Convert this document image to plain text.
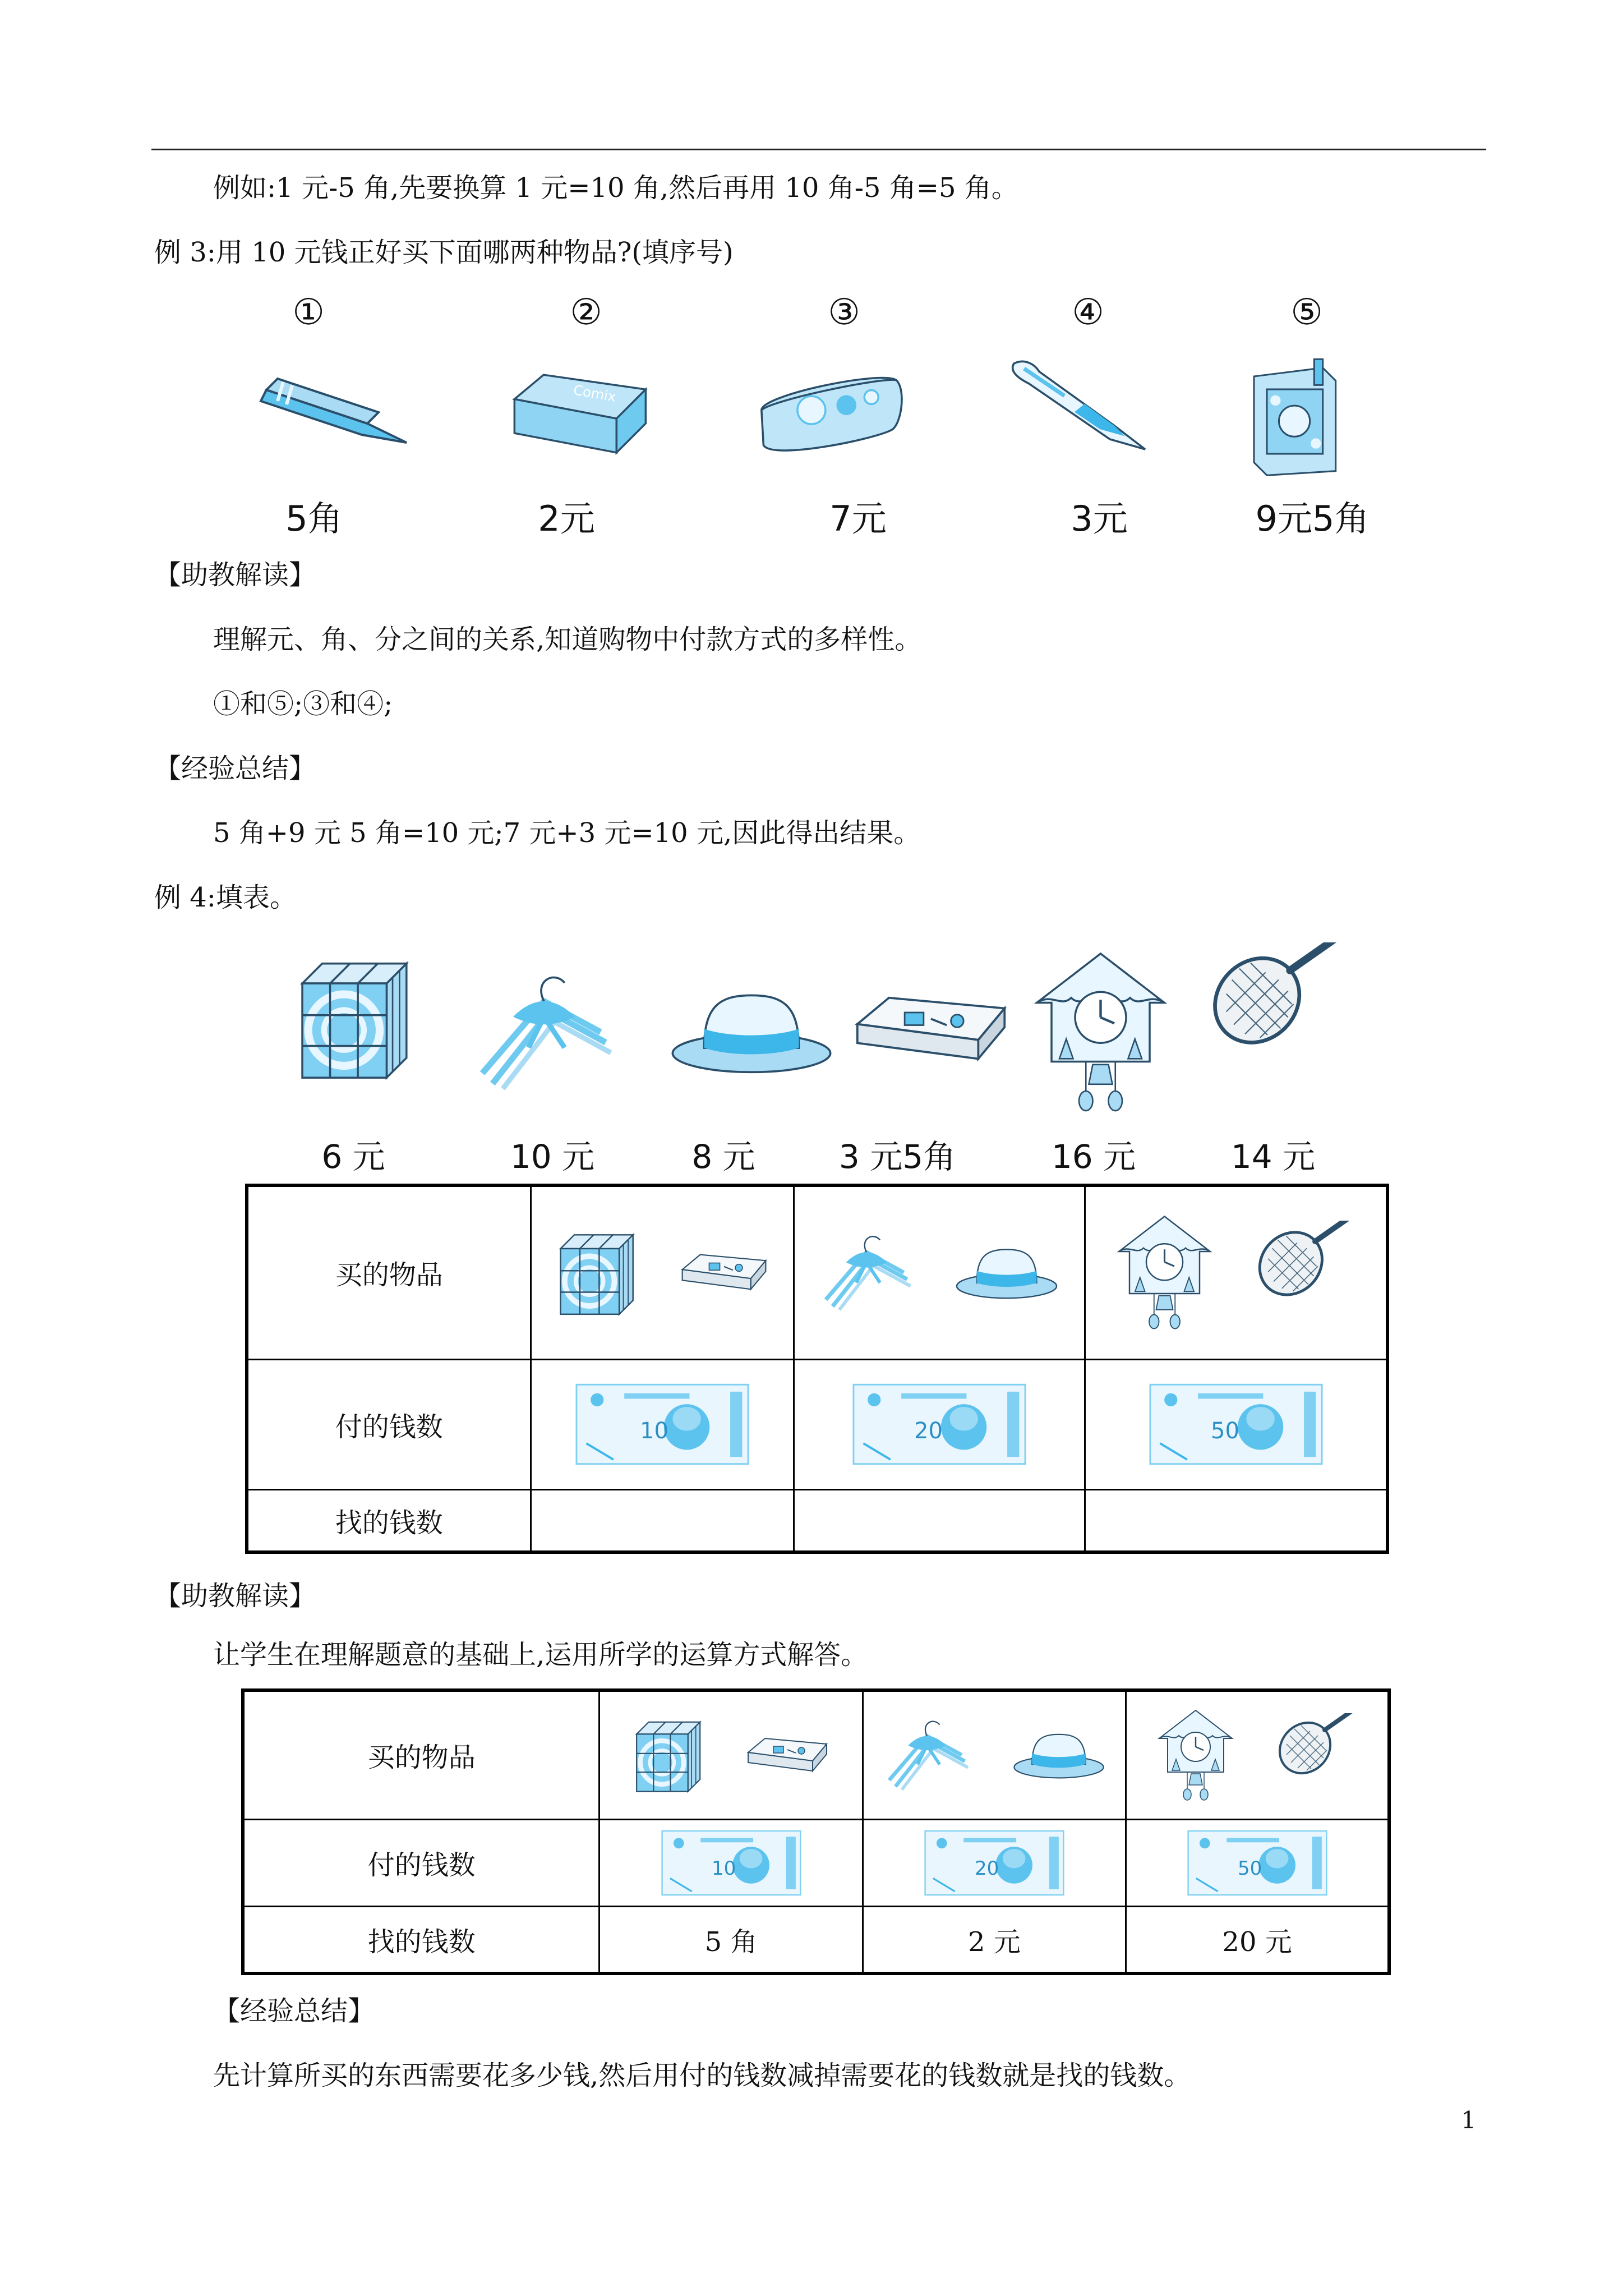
例如:1 元-5 角,先要换算 1 元=10 角,然后再用 10 角-5 角=5 角。
例 3:用 10 元钱正好买下面哪两种物品?(填序号)
①	②	③	④	⑤
5角	2元	7元	3元	9元5角
【助教解读】
理解元、角、分之间的关系,知道购物中付款方式的多样性。
①和⑤;③和④;
【经验总结】
5 角+9 元 5 角=10 元;7 元+3 元=10 元,因此得出结果。
例 4:填表。
6 元	10 元	8 元	3 元5角	16 元	14 元
买的物品	

付的钱数	10	20	50

找的钱数			
【助教解读】
让学生在理解题意的基础上,运用所学的运算方式解答。
买的物品	

付的钱数	10	20	50

找的钱数	5 角	2 元	20 元
【经验总结】
先计算所买的东西需要花多少钱,然后用付的钱数减掉需要花的钱数就是找的钱数。
1
